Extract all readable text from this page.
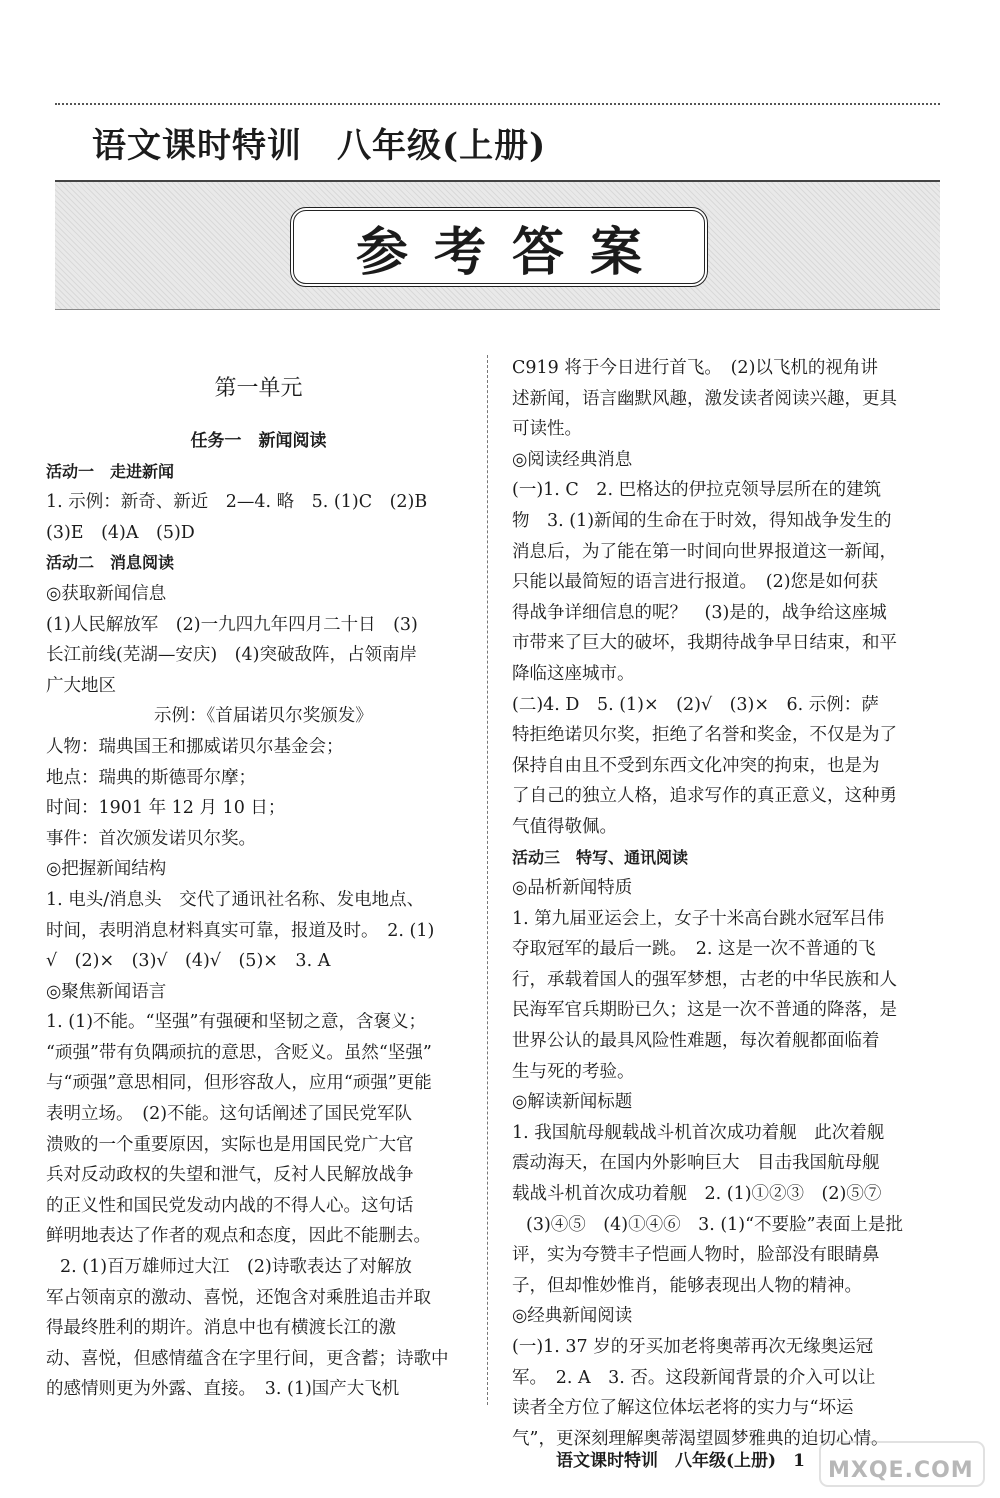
语文课时特训　八年级(上册)
参考答案
第一单元
任务一　新闻阅读
活动一　走进新闻
1. 示例：新奇、新近　2—4. 略　5. (1)C　(2)B
(3)E　(4)A　(5)D
活动二　消息阅读
◎获取新闻信息
(1)人民解放军　(2)一九四九年四月二十日　(3)
长江前线(芜湖—安庆)　(4)突破敌阵，占领南岸
广大地区
示例：《首届诺贝尔奖颁发》
人物：瑞典国王和挪威诺贝尔基金会；
地点：瑞典的斯德哥尔摩；
时间：1901 年 12 月 10 日；
事件：首次颁发诺贝尔奖。
◎把握新闻结构
1. 电头/消息头　交代了通讯社名称、发电地点、
时间，表明消息材料真实可靠，报道及时。　2. (1)
√　(2)×　(3)√　(4)√　(5)×　3. A
◎聚焦新闻语言
1. (1)不能。“坚强”有强硬和坚韧之意，含褒义；
“顽强”带有负隅顽抗的意思，含贬义。虽然“坚强”
与“顽强”意思相同，但形容敌人，应用“顽强”更能
表明立场。　(2)不能。这句话阐述了国民党军队
溃败的一个重要原因，实际也是用国民党广大官
兵对反动政权的失望和泄气，反衬人民解放战争
的正义性和国民党发动内战的不得人心。这句话
鲜明地表达了作者的观点和态度，因此不能删去。
2. (1)百万雄师过大江　(2)诗歌表达了对解放
军占领南京的激动、喜悦，还饱含对乘胜追击并取
得最终胜利的期许。消息中也有横渡长江的激
动、喜悦，但感情蕴含在字里行间，更含蓄；诗歌中
的感情则更为外露、直接。　3. (1)国产大飞机
C919 将于今日进行首飞。　(2)以飞机的视角讲
述新闻，语言幽默风趣，激发读者阅读兴趣，更具
可读性。
◎阅读经典消息
(一)1. C　2. 巴格达的伊拉克领导层所在的建筑
物　3. (1)新闻的生命在于时效，得知战争发生的
消息后，为了能在第一时间向世界报道这一新闻，
只能以最简短的语言进行报道。　(2)您是如何获
得战争详细信息的呢？　(3)是的，战争给这座城
市带来了巨大的破坏，我期待战争早日结束，和平
降临这座城市。
(二)4. D　5. (1)×　(2)√　(3)×　6. 示例：萨
特拒绝诺贝尔奖，拒绝了名誉和奖金，不仅是为了
保持自由且不受到东西文化冲突的拘束，也是为
了自己的独立人格，追求写作的真正意义，这种勇
气值得敬佩。
活动三　特写、通讯阅读
◎品析新闻特质
1. 第九届亚运会上，女子十米高台跳水冠军吕伟
夺取冠军的最后一跳。　2. 这是一次不普通的飞
行，承载着国人的强军梦想，古老的中华民族和人
民海军官兵期盼已久；这是一次不普通的降落，是
世界公认的最具风险性难题，每次着舰都面临着
生与死的考验。
◎解读新闻标题
1. 我国航母舰载战斗机首次成功着舰　此次着舰
震动海天，在国内外影响巨大　目击我国航母舰
载战斗机首次成功着舰　2. (1)①②③　(2)⑤⑦
(3)④⑤　(4)①④⑥　3. (1)“不要脸”表面上是批
评，实为夸赞丰子恺画人物时，脸部没有眼睛鼻
子，但却惟妙惟肖，能够表现出人物的精神。
◎经典新闻阅读
(一)1. 37 岁的牙买加老将奥蒂再次无缘奥运冠
军。　2. A　3. 否。这段新闻背景的介入可以让
读者全方位了解这位体坛老将的实力与“坏运
气”，更深刻理解奥蒂渴望圆梦雅典的迫切心情。
语文课时特训　八年级(上册)　1 MXQE.COM
